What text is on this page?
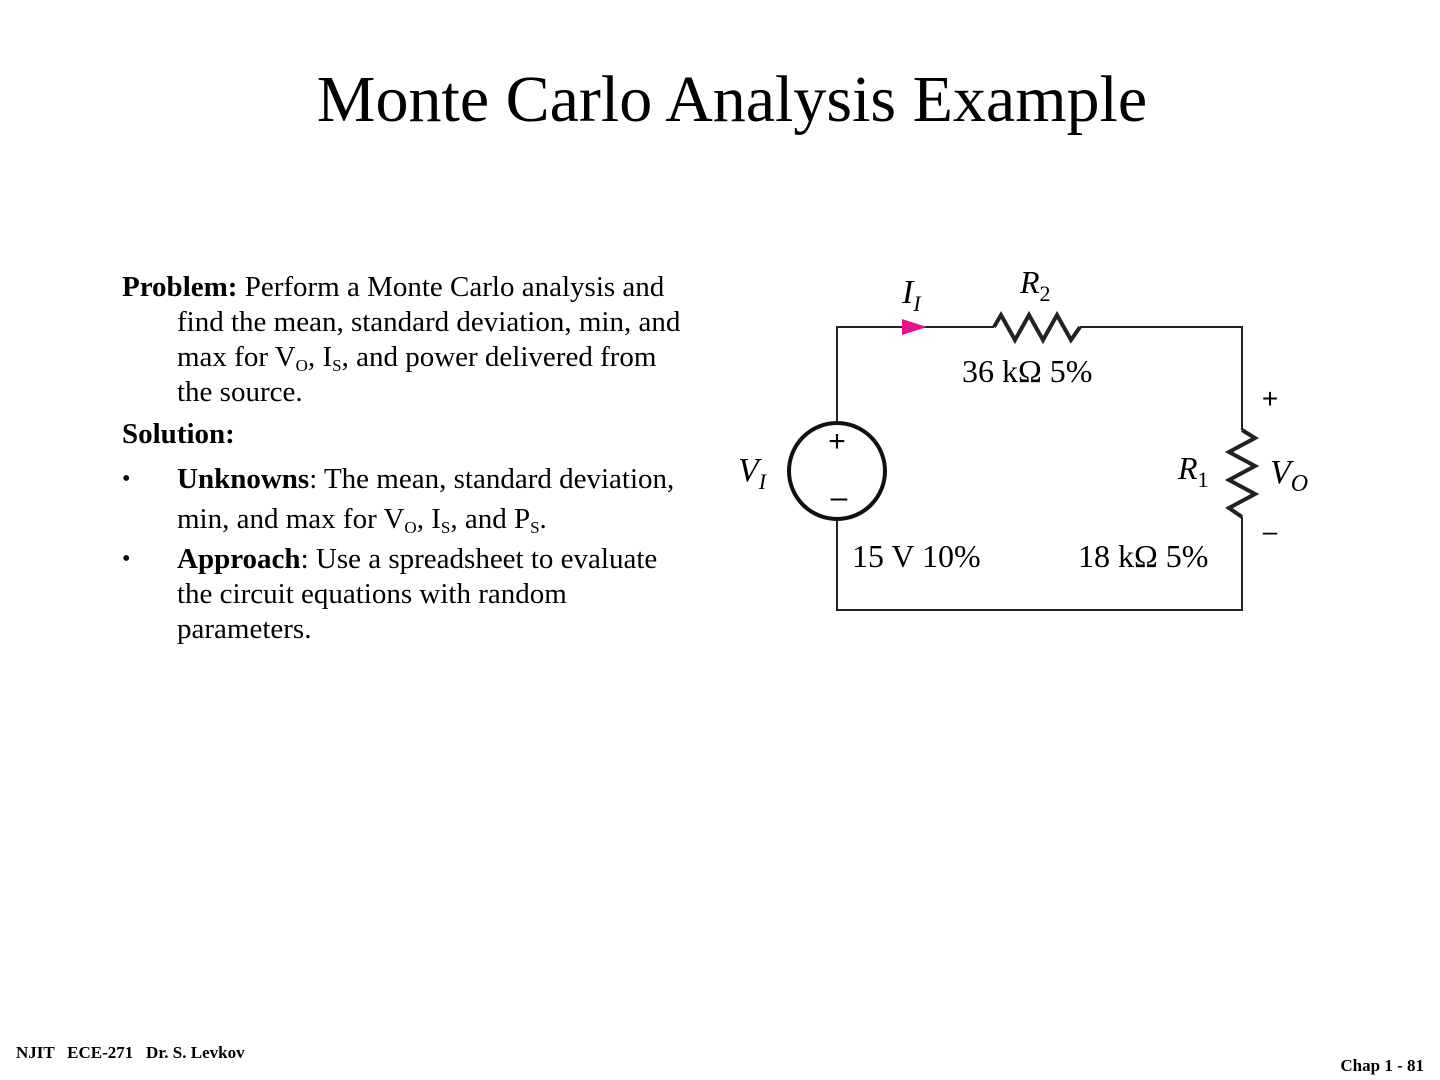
Monte Carlo Analysis Example
Problem: Perform a Monte Carlo analysis and find the mean, standard deviation, min, and max for $V_O$, $I_S$, and power delivered from the source.
Solution:
• Unknowns: The mean, standard deviation, min, and max for $V_O$, $I_S$, and $P_S$.
• Approach: Use a spreadsheet to evaluate the circuit equations with random parameters.
+
–
$I_I$
$R_2$
36 kΩ 5%
$V_I$
15 V 10%
$R_1$
18 kΩ 5%
+
$V_O$
–
NJIT   ECE-271   Dr. S. Levkov
Chap 1 - 81
